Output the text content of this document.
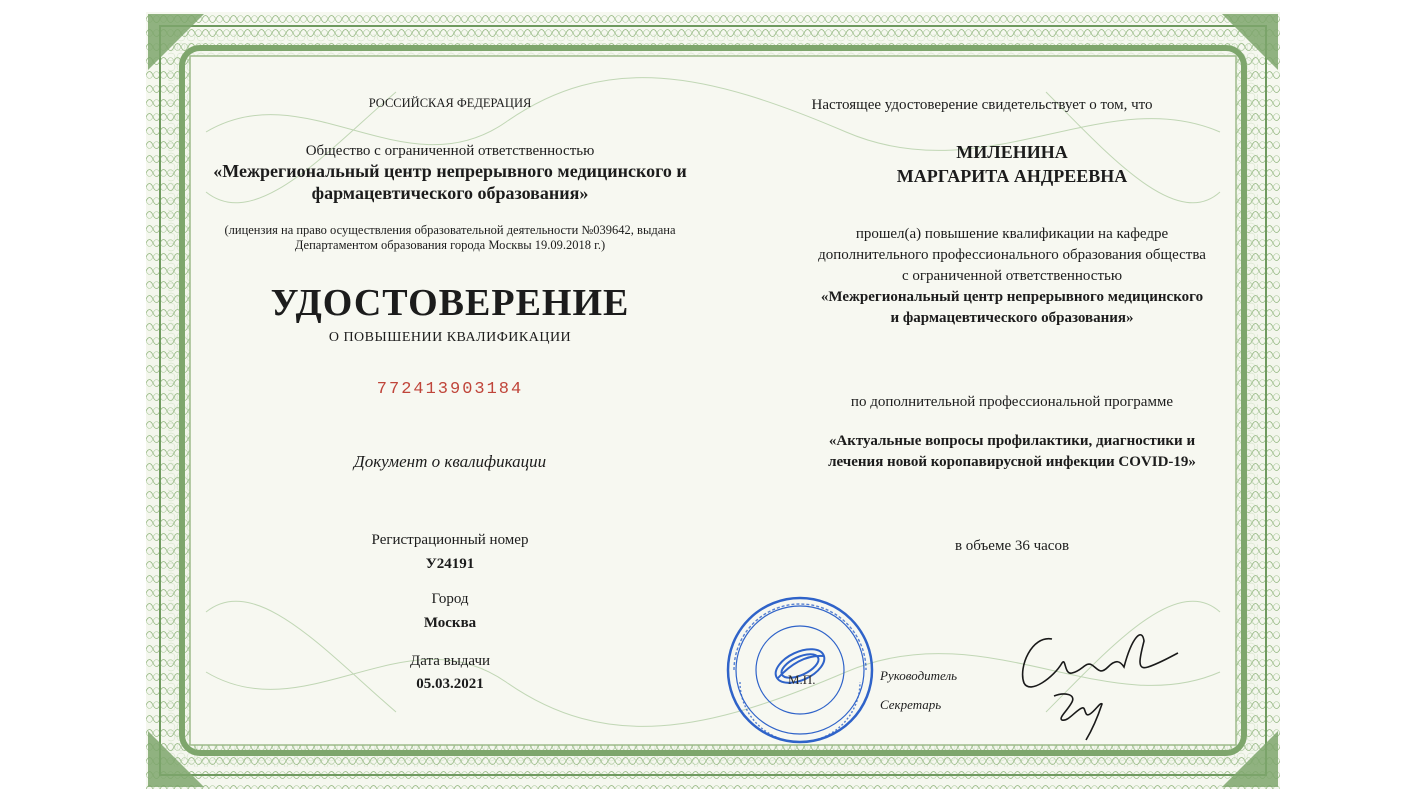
РОССИЙСКАЯ ФЕДЕРАЦИЯ
Общество с ограниченной ответственностью
«Межрегиональный центр непрерывного медицинского и
фармацевтического образования»
(лицензия на право осуществления образовательной деятельности №039642, выдана
Департаментом образования города Москвы 19.09.2018 г.)
УДОСТОВЕРЕНИЕ
О ПОВЫШЕНИИ КВАЛИФИКАЦИИ
772413903184
Документ о квалификации
Регистрационный номер
У24191
Город
Москва
Дата выдачи
05.03.2021
Настоящее удостоверение свидетельствует о том, что
МИЛЕНИНА
МАРГАРИТА АНДРЕЕВНА
прошел(а) повышение квалификации на кафедре
дополнительного профессионального образования общества
с ограниченной ответственностью
«Межрегиональный центр непрерывного медицинского
и фармацевтического образования»
по дополнительной профессиональной программе
«Актуальные вопросы профилактики, диагностики и
лечения новой коропавирусной инфекции COVID-19»
в объеме 36 часов
М.П.	Руководитель
Секретарь
